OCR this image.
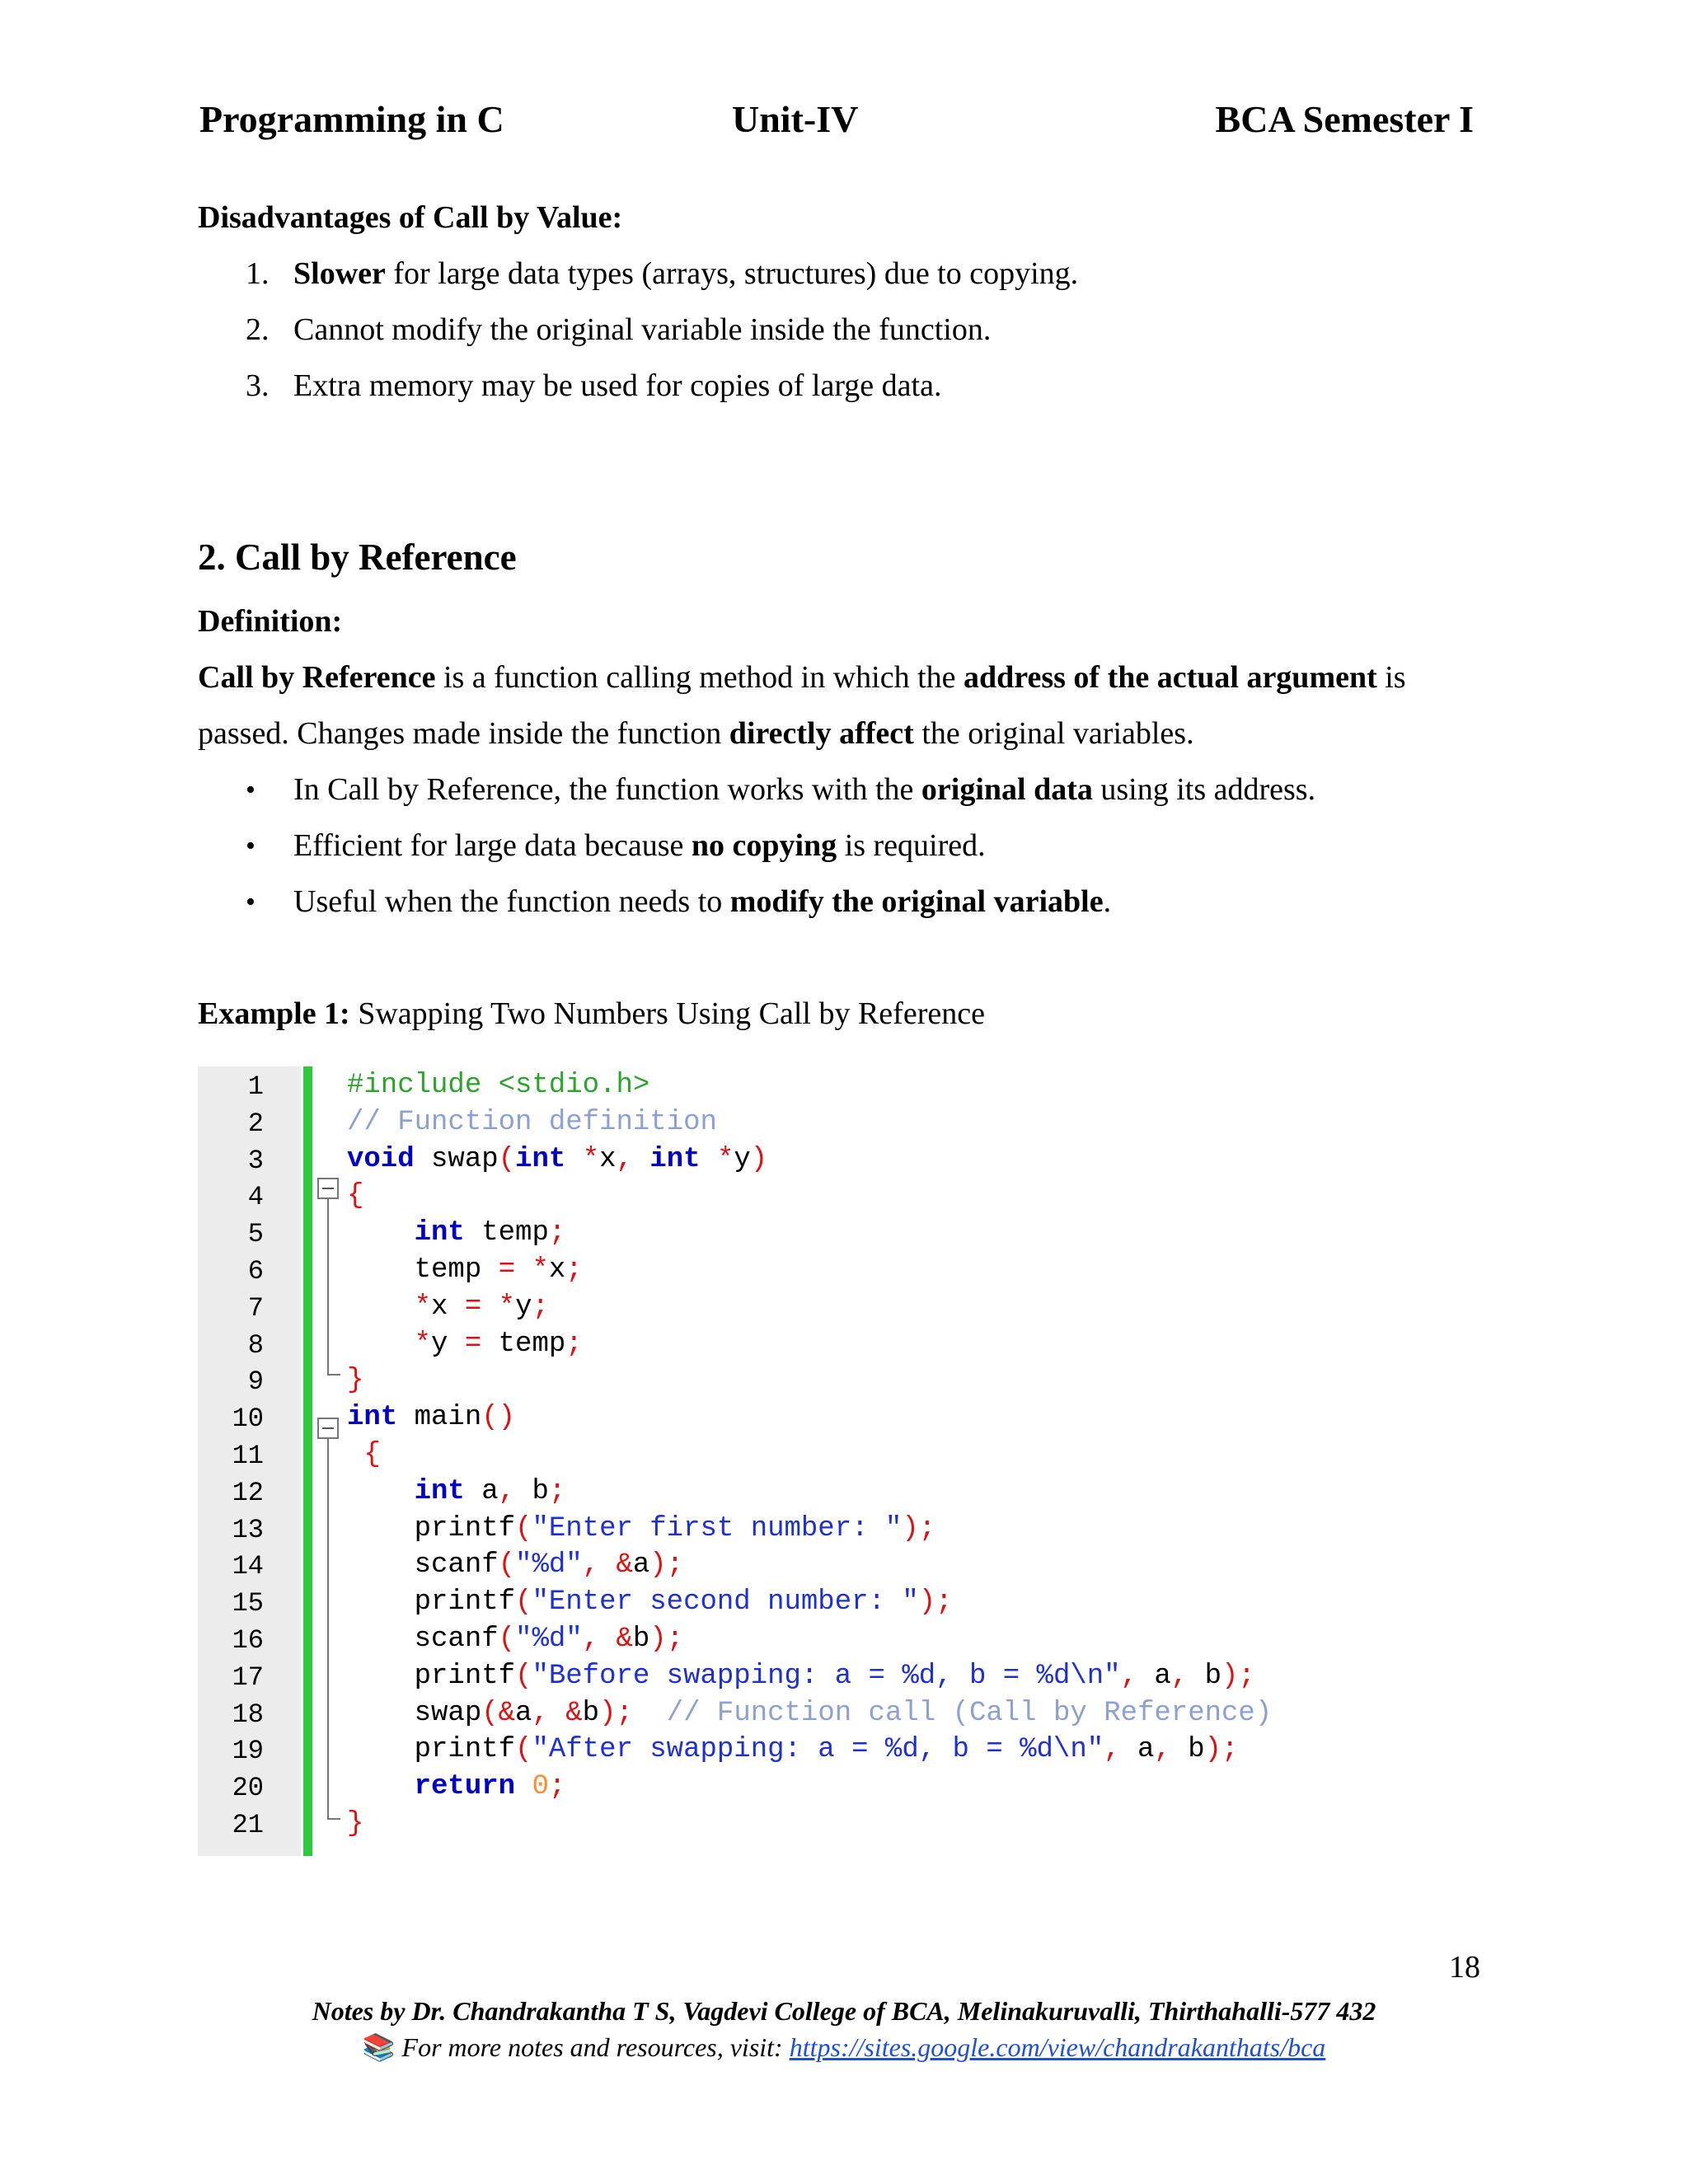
Programming in C	Unit-IV	BCA Semester I
Disadvantages of Call by Value:
1. Slower for large data types (arrays, structures) due to copying.
2. Cannot modify the original variable inside the function.
3. Extra memory may be used for copies of large data.
2. Call by Reference
Definition:
Call by Reference is a function calling method in which the address of the actual argument is
passed. Changes made inside the function directly affect the original variables.
• In Call by Reference, the function works with the original data using its address.
• Efficient for large data because no copying is required.
• Useful when the function needs to modify the original variable.
Example 1: Swapping Two Numbers Using Call by Reference
1	#include <stdio.h>
2	// Function definition
3	void swap(int *x, int *y)
4	{
5	int temp;
6	temp = *x;
7	*x = *y;
8	*y = temp;
9	}
10	int main()
11	{
12	int a, b;
13	printf("Enter first number: ");
14	scanf("%d", &a);
15	printf("Enter second number: ");
16	scanf("%d", &b);
17	printf("Before swapping: a = %d, b = %d\n", a, b);
18	swap(&a, &b); // Function call (Call by Reference)
19	printf("After swapping: a = %d, b = %d\n", a, b);
20	return 0;
21	}
18
Notes by Dr. Chandrakantha T S, Vagdevi College of BCA, Melinakuruvalli, Thirthahalli-577 432
📚 For more notes and resources, visit: https://sites.google.com/view/chandrakanthats/bca
